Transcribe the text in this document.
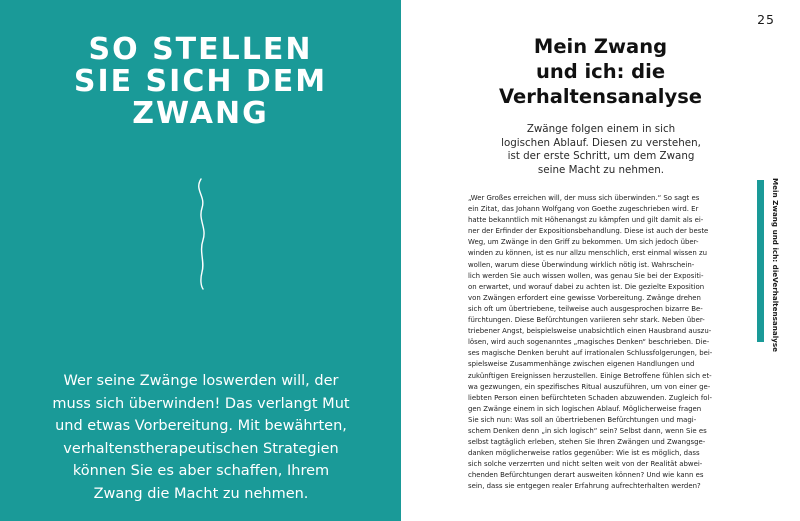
SO STELLEN
SIE SICH DEM
ZWANG

Wer seine Zwänge loswerden will, der
muss sich überwinden! Das verlangt Mut
und etwas Vorbereitung. Mit bewährten,
verhaltenstherapeutischen Strategien
können Sie es aber schaffen, Ihrem
Zwang die Macht zu nehmen.

25
Mein Zwang
und ich: die
Verhaltensanalyse

Zwänge folgen einem in sich
logischen Ablauf. Diesen zu verstehen,
ist der erste Schritt, um dem Zwang
seine Macht zu nehmen.

„Wer Großes erreichen will, der muss sich überwinden.“ So sagt es
ein Zitat, das Johann Wolfgang von Goethe zugeschrieben wird. Er
hatte bekanntlich mit Höhenangst zu kämpfen und gilt damit als ei-
ner der Erfinder der Expositionsbehandlung. Diese ist auch der beste
Weg, um Zwänge in den Griff zu bekommen. Um sich jedoch über-
winden zu können, ist es nur allzu menschlich, erst einmal wissen zu
wollen, warum diese Überwindung wirklich nötig ist. Wahrschein-
lich werden Sie auch wissen wollen, was genau Sie bei der Expositi-
on erwartet, und worauf dabei zu achten ist. Die gezielte Exposition
von Zwängen erfordert eine gewisse Vorbereitung. Zwänge drehen
sich oft um übertriebene, teilweise auch ausgesprochen bizarre Be-
fürchtungen. Diese Befürchtungen variieren sehr stark. Neben über-
triebener Angst, beispielsweise unabsichtlich einen Hausbrand auszu-
lösen, wird auch sogenanntes „magisches Denken“ beschrieben. Die-
ses magische Denken beruht auf irrationalen Schlussfolgerungen, bei-
spielsweise Zusammenhänge zwischen eigenen Handlungen und
zukünftigen Ereignissen herzustellen. Einige Betroffene fühlen sich et-
wa gezwungen, ein spezifisches Ritual auszuführen, um von einer ge-
liebten Person einen befürchteten Schaden abzuwenden. Zugleich fol-
gen Zwänge einem in sich logischen Ablauf. Möglicherweise fragen
Sie sich nun: Was soll an übertriebenen Befürchtungen und magi-
schem Denken denn „in sich logisch“ sein? Selbst dann, wenn Sie es
selbst tagtäglich erleben, stehen Sie Ihren Zwängen und Zwangsge-
danken möglicherweise ratlos gegenüber: Wie ist es möglich, dass
sich solche verzerrten und nicht selten weit von der Realität abwei-
chenden Befürchtungen derart ausweiten können? Und wie kann es
sein, dass sie entgegen realer Erfahrung aufrechterhalten werden?
Mein Zwang und ich: dieVerhaltensanalyse
